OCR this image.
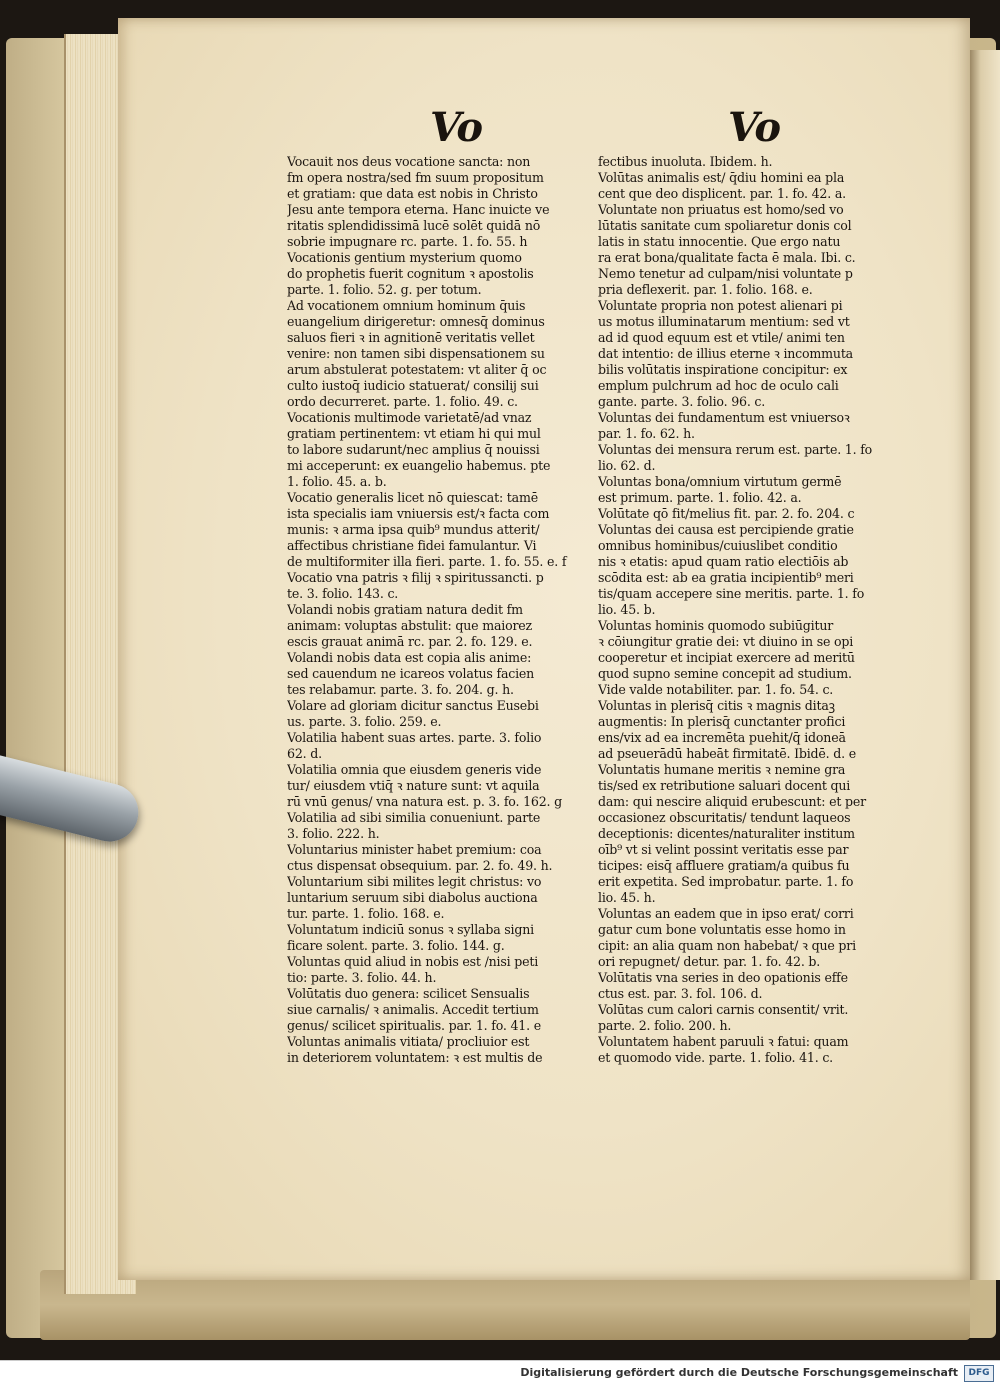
Vo	Vo
Vocauit nos deus vocatione sancta: non
fm opera nostra/sed fm suum propositum
et gratiam: que data est nobis in Christo
Jesu ante tempora eterna. Hanc inuicte ve
ritatis splendidissimā lucē solēt quidā nō
sobrie impugnare rc. parte. 1. fo. 55. h
Vocationis gentium mysterium quomo
do prophetis fuerit cognitum ꝛ apostolis
parte. 1. folio. 52. g. per totum.
Ad vocationem omnium hominum q̄uis
euangelium dirigeretur: omnesq̄ dominus
saluos fieri ꝛ in agnitionē veritatis vellet
venire: non tamen sibi dispensationem su
arum abstulerat potestatem: vt aliter q̄ oc
culto iustoq̄ iudicio statuerat/ consilij sui
ordo decurreret. parte. 1. folio. 49. c.
Vocationis multimode varietatē/ad vnaz
gratiam pertinentem: vt etiam hi qui mul
to labore sudarunt/nec amplius q̄ nouissi
mi acceperunt: ex euangelio habemus. pte
1. folio. 45. a. b.
Vocatio generalis licet nō quiescat: tamē
ista specialis iam vniuersis est/ꝛ facta com
munis: ꝛ arma ipsa quib⁹ mundus atterit/
affectibus christiane fidei famulantur. Vi
de multiformiter illa fieri. parte. 1. fo. 55. e. f
Vocatio vna patris ꝛ filij ꝛ spiritussancti. p
te. 3. folio. 143. c.
Volandi nobis gratiam natura dedit fm
animam: voluptas abstulit: que maiorez
escis grauat animā rc. par. 2. fo. 129. e.
Volandi nobis data est copia alis anime:
sed cauendum ne icareos volatus facien
tes relabamur. parte. 3. fo. 204. g. h.
Volare ad gloriam dicitur sanctus Eusebi
us. parte. 3. folio. 259. e.
Volatilia habent suas artes. parte. 3. folio
62. d.
Volatilia omnia que eiusdem generis vide
tur/ eiusdem vtiq̄ ꝛ nature sunt: vt aquila
rū vnū genus/ vna natura est. p. 3. fo. 162. g
Volatilia ad sibi similia conueniunt. parte
3. folio. 222. h.
Voluntarius minister habet premium: coa
ctus dispensat obsequium. par. 2. fo. 49. h.
Voluntarium sibi milites legit christus: vo
luntarium seruum sibi diabolus auctiona
tur. parte. 1. folio. 168. e.
Voluntatum indiciū sonus ꝛ syllaba signi
ficare solent. parte. 3. folio. 144. g.
Voluntas quid aliud in nobis est /nisi peti
tio: parte. 3. folio. 44. h.
Volūtatis duo genera: scilicet Sensualis
siue carnalis/ ꝛ animalis. Accedit tertium
genus/ scilicet spiritualis. par. 1. fo. 41. e
Voluntas animalis vitiata/ procliuior est
in deteriorem voluntatem: ꝛ est multis de
fectibus inuoluta. Ibidem. h.
Volūtas animalis est/ q̄diu homini ea pla
cent que deo displicent. par. 1. fo. 42. a.
Voluntate non priuatus est homo/sed vo
lūtatis sanitate cum spoliaretur donis col
latis in statu innocentie. Que ergo natu
ra erat bona/qualitate facta ē mala. Ibi. c.
Nemo tenetur ad culpam/nisi voluntate p
pria deflexerit. par. 1. folio. 168. e.
Voluntate propria non potest alienari pi
us motus illuminatarum mentium: sed vt
ad id quod equum est et vtile/ animi ten
dat intentio: de illius eterne ꝛ incommuta
bilis volūtatis inspiratione concipitur: ex
emplum pulchrum ad hoc de oculo cali
gante. parte. 3. folio. 96. c.
Voluntas dei fundamentum est vniuersoꝛ
par. 1. fo. 62. h.
Voluntas dei mensura rerum est. parte. 1. fo
lio. 62. d.
Voluntas bona/omnium virtutum germē
est primum. parte. 1. folio. 42. a.
Volūtate qō fit/melius fit. par. 2. fo. 204. c
Voluntas dei causa est percipiende gratie
omnibus hominibus/cuiuslibet conditio
nis ꝛ etatis: apud quam ratio electiōis ab
scōdita est: ab ea gratia incipientib⁹ meri
tis/quam accepere sine meritis. parte. 1. fo
lio. 45. b.
Voluntas hominis quomodo subiūgitur
ꝛ cōiungitur gratie dei: vt diuino in se opi
cooperetur et incipiat exercere ad meritū
quod supno semine concepit ad studium.
Vide valde notabiliter. par. 1. fo. 54. c.
Voluntas in plerisq̄ citis ꝛ magnis ditaꝫ
augmentis: In plerisq̄ cunctanter profici
ens/vix ad ea incremēta puehit/q̄ idoneā
ad pseuerādū habeāt firmitatē. Ibidē. d. e
Voluntatis humane meritis ꝛ nemine gra
tis/sed ex retributione saluari docent qui
dam: qui nescire aliquid erubescunt: et per
occasionez obscuritatis/ tendunt laqueos
deceptionis: dicentes/naturaliter institum
oīb⁹ vt si velint possint veritatis esse par
ticipes: eisq̄ affluere gratiam/a quibus fu
erit expetita. Sed improbatur. parte. 1. fo
lio. 45. h.
Voluntas an eadem que in ipso erat/ corri
gatur cum bone voluntatis esse homo in
cipit: an alia quam non habebat/ ꝛ que pri
ori repugnet/ detur. par. 1. fo. 42. b.
Volūtatis vna series in deo opationis effe
ctus est. par. 3. fol. 106. d.
Volūtas cum calori carnis consentit/ vrit.
parte. 2. folio. 200. h.
Voluntatem habent paruuli ꝛ fatui: quam
et quomodo vide. parte. 1. folio. 41. c.
Digitalisierung gefördert durch die Deutsche Forschungsgemeinschaft	DFG
